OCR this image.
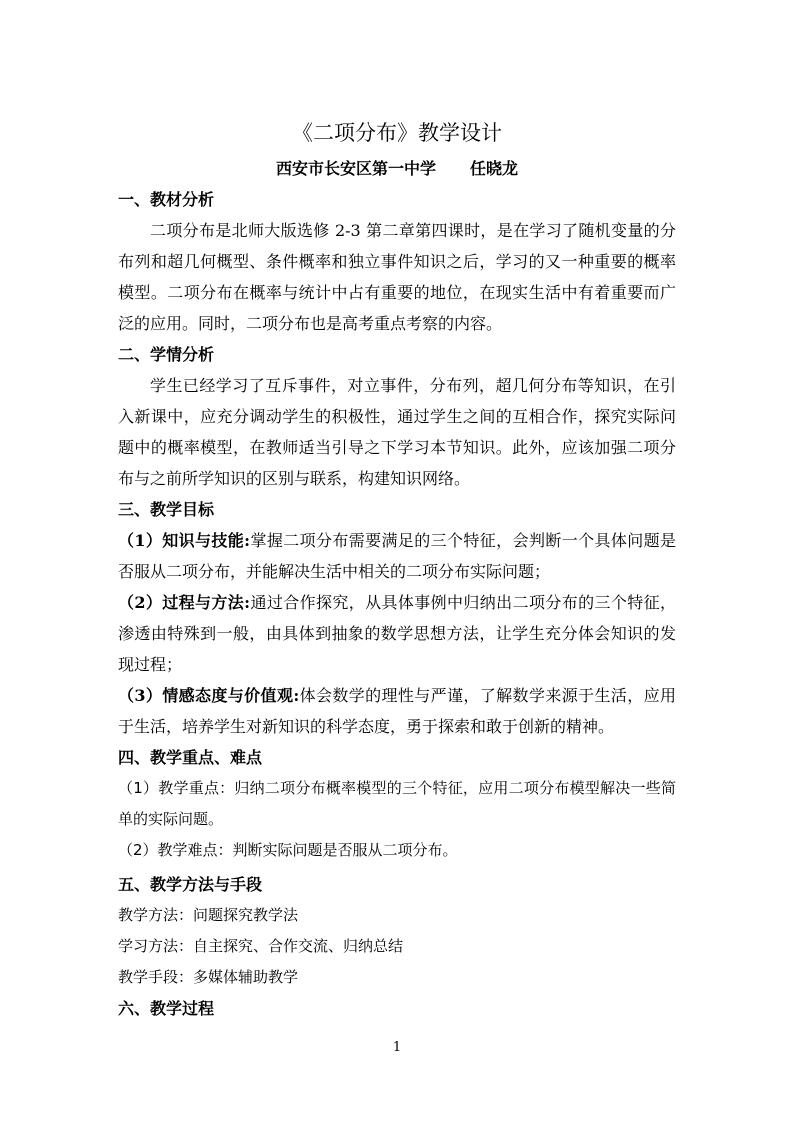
《二项分布》教学设计
西安市长安区第一中学 任晓龙
一、教材分析
二项分布是北师大版选修 2-3 第二章第四课时，是在学习了随机变量的分布列和超几何概型、条件概率和独立事件知识之后，学习的又一种重要的概率模型。二项分布在概率与统计中占有重要的地位，在现实生活中有着重要而广泛的应用。同时，二项分布也是高考重点考察的内容。
二、学情分析
学生已经学习了互斥事件，对立事件，分布列，超几何分布等知识，在引入新课中，应充分调动学生的积极性，通过学生之间的互相合作，探究实际问题中的概率模型，在教师适当引导之下学习本节知识。此外，应该加强二项分布与之前所学知识的区别与联系，构建知识网络。
三、教学目标
（1）知识与技能:掌握二项分布需要满足的三个特征，会判断一个具体问题是否服从二项分布，并能解决生活中相关的二项分布实际问题；
（2）过程与方法:通过合作探究，从具体事例中归纳出二项分布的三个特征，渗透由特殊到一般，由具体到抽象的数学思想方法，让学生充分体会知识的发现过程；
（3）情感态度与价值观:体会数学的理性与严谨，了解数学来源于生活，应用于生活，培养学生对新知识的科学态度，勇于探索和敢于创新的精神。
四、教学重点、难点
（1）教学重点：归纳二项分布概率模型的三个特征，应用二项分布模型解决一些简单的实际问题。
（2）教学难点：判断实际问题是否服从二项分布。
五、教学方法与手段
教学方法：问题探究教学法
学习方法：自主探究、合作交流、归纳总结
教学手段：多媒体辅助教学
六、教学过程
1
